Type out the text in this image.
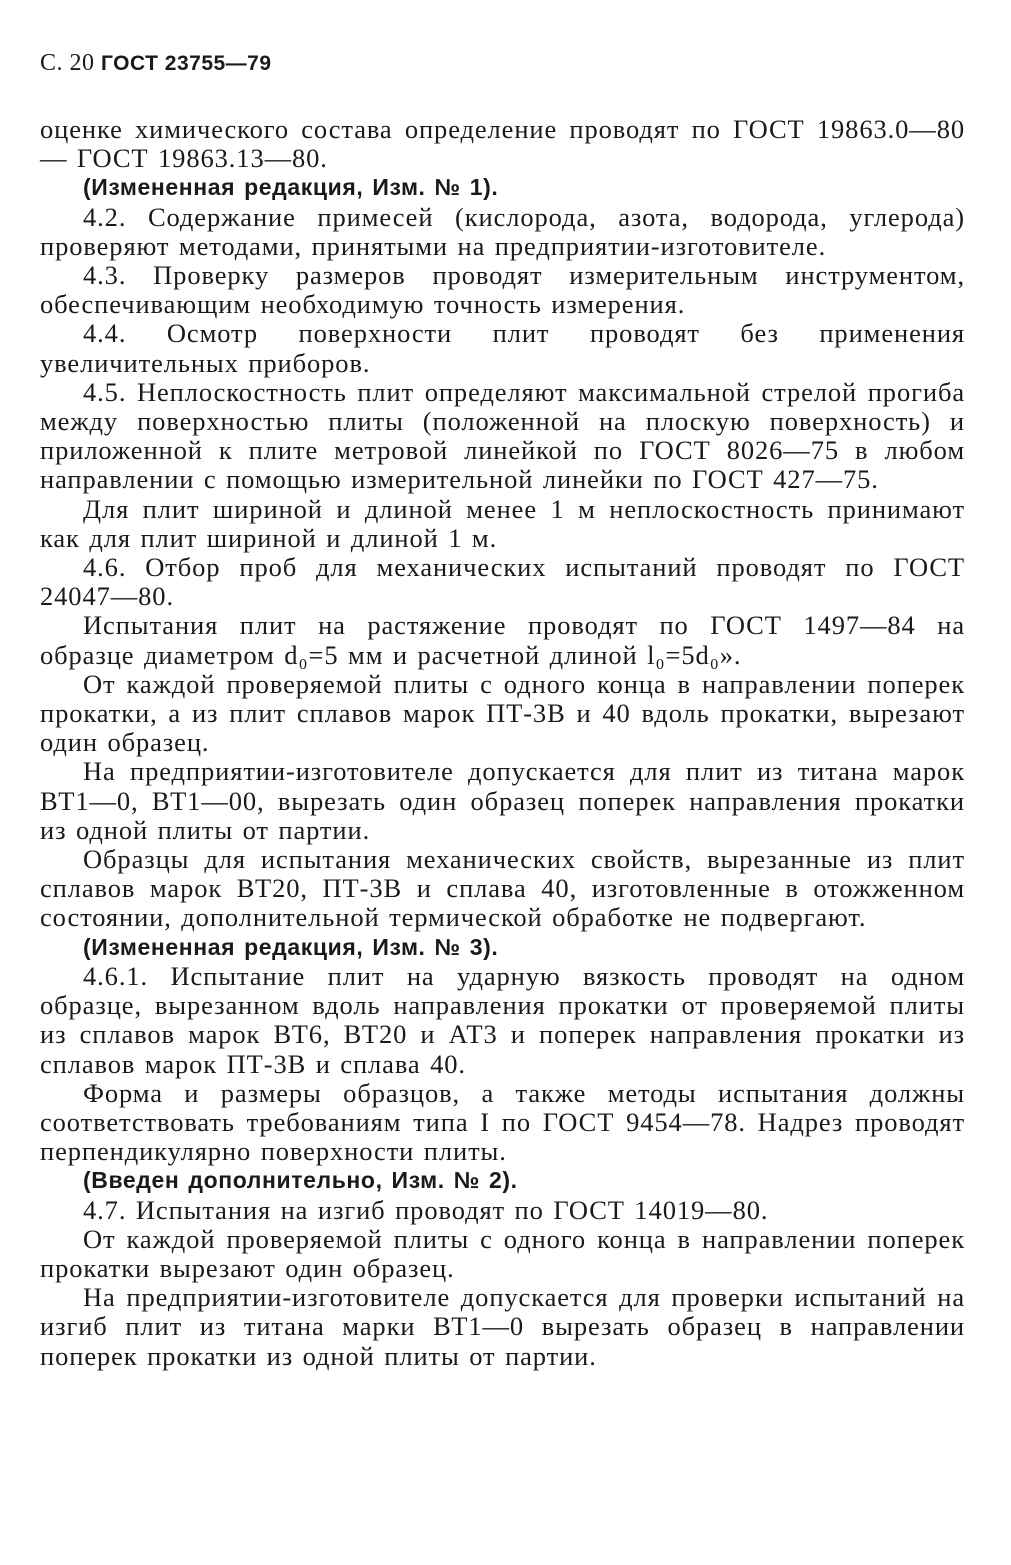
С. 20 ГОСТ 23755—79

оценке химического состава определение проводят по ГОСТ 19863.0—80 — ГОСТ 19863.13—80.

(Измененная редакция, Изм. № 1).

4.2. Содержание примесей (кислорода, азота, водорода, углерода) проверяют методами, принятыми на предприятии-изготовителе.

4.3. Проверку размеров проводят измерительным инструментом, обеспечивающим необходимую точность измерения.

4.4. Осмотр поверхности плит проводят без применения увеличительных приборов.

4.5. Неплоскостность плит определяют максимальной стрелой прогиба между поверхностью плиты (положенной на плоскую поверхность) и приложенной к плите метровой линейкой по ГОСТ 8026—75 в любом направлении с помощью измерительной линейки по ГОСТ 427—75.

Для плит шириной и длиной менее 1 м неплоскостность принимают как для плит шириной и длиной 1 м.

4.6. Отбор проб для механических испытаний проводят по ГОСТ 24047—80.

Испытания плит на растяжение проводят по ГОСТ 1497—84 на образце диаметром d₀=5 мм и расчетной длиной l₀=5d₀».

От каждой проверяемой плиты с одного конца в направлении поперек прокатки, а из плит сплавов марок ПТ-3В и 40 вдоль прокатки, вырезают один образец.

На предприятии-изготовителе допускается для плит из титана марок ВТ1—0, ВТ1—00, вырезать один образец поперек направления прокатки из одной плиты от партии.

Образцы для испытания механических свойств, вырезанные из плит сплавов марок ВТ20, ПТ-3В и сплава 40, изготовленные в отожженном состоянии, дополнительной термической обработке не подвергают.

(Измененная редакция, Изм. № 3).

4.6.1. Испытание плит на ударную вязкость проводят на одном образце, вырезанном вдоль направления прокатки от проверяемой плиты из сплавов марок ВТ6, ВТ20 и АТ3 и поперек направления прокатки из сплавов марок ПТ-3В и сплава 40.

Форма и размеры образцов, а также методы испытания должны соответствовать требованиям типа I по ГОСТ 9454—78. Надрез проводят перпендикулярно поверхности плиты.

(Введен дополнительно, Изм. № 2).

4.7. Испытания на изгиб проводят по ГОСТ 14019—80.

От каждой проверяемой плиты с одного конца в направлении поперек прокатки вырезают один образец.

На предприятии-изготовителе допускается для проверки испытаний на изгиб плит из титана марки ВТ1—0 вырезать образец в направлении поперек прокатки из одной плиты от партии.
